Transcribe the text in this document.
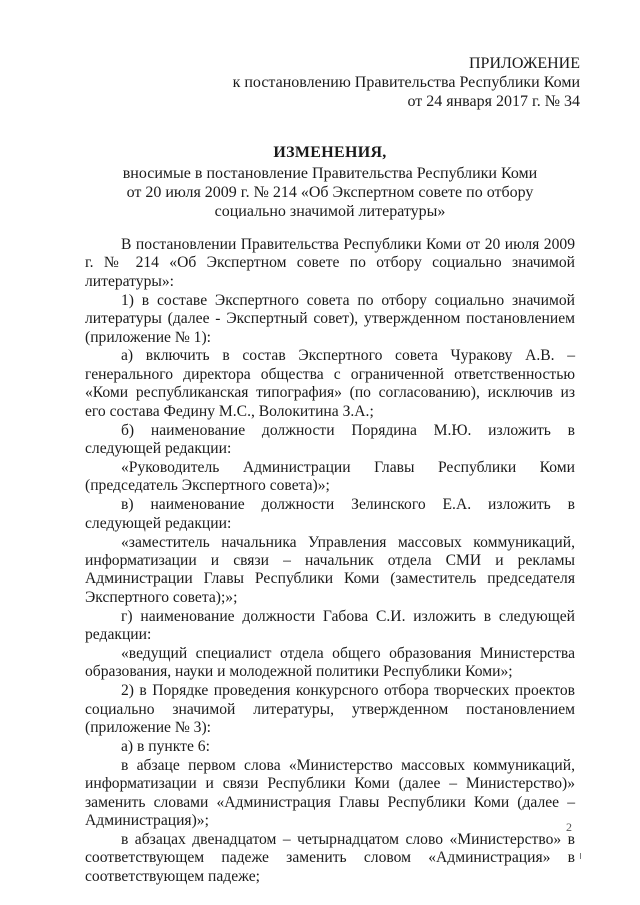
ПРИЛОЖЕНИЕ
к постановлению Правительства Республики Коми
от 24 января 2017 г. № 34
ИЗМЕНЕНИЯ,
вносимые в постановление Правительства Республики Коми
от 20 июля 2009 г. № 214 «Об Экспертном совете по отбору
социально значимой литературы»

В постановлении Правительства Республики Коми от 20 июля 2009 г. № 214 «Об Экспертном совете по отбору социально значимой литературы»:

1) в составе Экспертного совета по отбору социально значимой литературы (далее - Экспертный совет), утвержденном постановлением (приложение № 1):

а) включить в состав Экспертного совета Чуракову А.В. – генерального директора общества с ограниченной ответственностью «Коми республиканская типография» (по согласованию), исключив из его состава Федину М.С., Волокитина З.А.;

б) наименование должности Порядина М.Ю. изложить в следующей редакции:

«Руководитель Администрации Главы Республики Коми (председатель Экспертного совета)»;

в) наименование должности Зелинского Е.А. изложить в следующей редакции:

«заместитель начальника Управления массовых коммуникаций, информатизации и связи – начальник отдела СМИ и рекламы Администрации Главы Республики Коми (заместитель председателя Экспертного совета);»;

г) наименование должности Габова С.И. изложить в следующей редакции:

«ведущий специалист отдела общего образования Министерства образования, науки и молодежной политики Республики Коми»;

2) в Порядке проведения конкурсного отбора творческих проектов социально значимой литературы, утвержденном постановлением (приложение № 3):

а) в пункте 6:

в абзаце первом слова «Министерство массовых коммуникаций, информатизации и связи Республики Коми (далее – Министерство)» заменить словами «Администрация Главы Республики Коми (далее – Администрация)»;

в абзацах двенадцатом – четырнадцатом слово «Министерство» в соответствующем падеже заменить словом «Администрация» в соответствующем падеже;

2
